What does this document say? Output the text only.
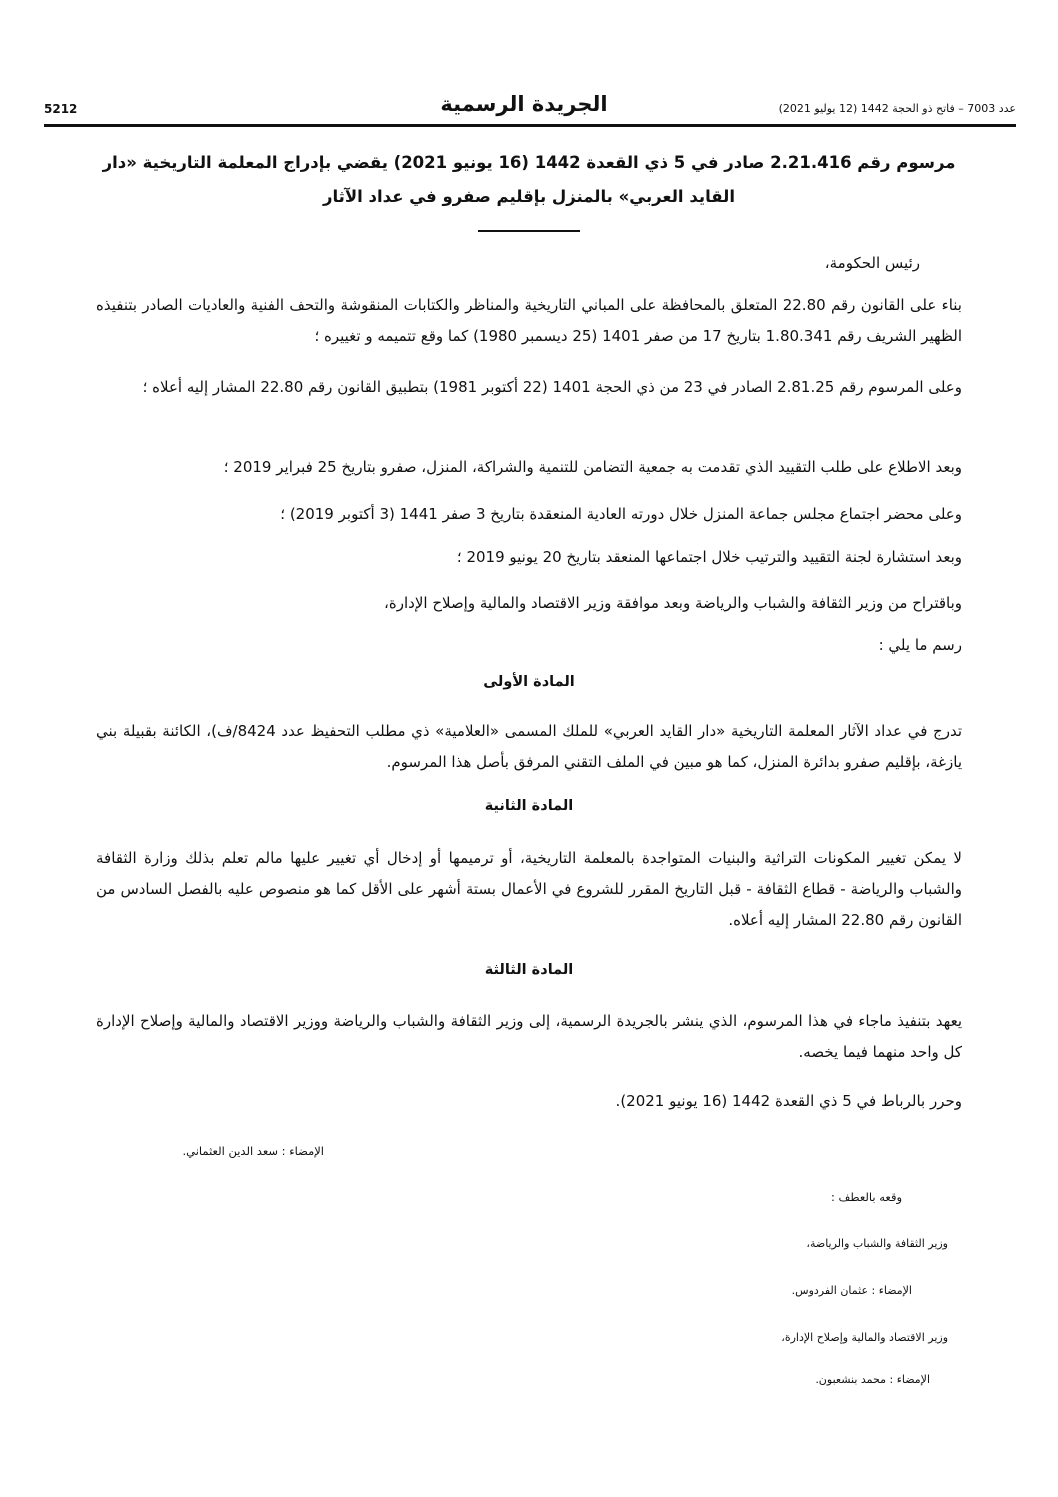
5212	الجريدة الرسمية	عدد 7003 – فاتح ذو الحجة 1442 (12 يوليو 2021)
مرسوم رقم 2.21.416 صادر في 5 ذي القعدة 1442 (16 يونيو 2021) يقضي بإدراج المعلمة التاريخية «دار القايد العربي» بالمنزل بإقليم صفرو في عداد الآثار
رئيس الحكومة،
بناء على القانون رقم 22.80 المتعلق بالمحافظة على المباني التاريخية والمناظر والكتابات المنقوشة والتحف الفنية والعاديات الصادر بتنفيذه الظهير الشريف رقم 1.80.341 بتاريخ 17 من صفر 1401 (25 ديسمبر 1980) كما وقع تتميمه و تغييره ؛
وعلى المرسوم رقم 2.81.25 الصادر في 23 من ذي الحجة 1401 (22 أكتوبر 1981) بتطبيق القانون رقم 22.80 المشار إليه أعلاه ؛
وبعد الاطلاع على طلب التقييد الذي تقدمت به جمعية التضامن للتنمية والشراكة، المنزل، صفرو بتاريخ 25 فبراير 2019 ؛
وعلى محضر اجتماع مجلس جماعة المنزل خلال دورته العادية المنعقدة بتاريخ 3 صفر 1441 (3 أكتوبر 2019) ؛
وبعد استشارة لجنة التقييد والترتيب خلال اجتماعها المنعقد بتاريخ 20 يونيو 2019 ؛
وباقتراح من وزير الثقافة والشباب والرياضة وبعد موافقة وزير الاقتصاد والمالية وإصلاح الإدارة،
رسم ما يلي :
المادة الأولى
تدرج في عداد الآثار المعلمة التاريخية «دار القايد العربي» للملك المسمى «العلامية» ذي مطلب التحفيظ عدد 8424/ف)، الكائنة بقبيلة بني يازغة، بإقليم صفرو بدائرة المنزل، كما هو مبين في الملف التقني المرفق بأصل هذا المرسوم.
المادة الثانية
لا يمكن تغيير المكونات التراثية والبنيات المتواجدة بالمعلمة التاريخية، أو ترميمها أو إدخال أي تغيير عليها مالم تعلم بذلك وزارة الثقافة والشباب والرياضة - قطاع الثقافة - قبل التاريخ المقرر للشروع في الأعمال بستة أشهر على الأقل كما هو منصوص عليه بالفصل السادس من القانون رقم 22.80 المشار إليه أعلاه.
المادة الثالثة
يعهد بتنفيذ ماجاء في هذا المرسوم، الذي ينشر بالجريدة الرسمية، إلى وزير الثقافة والشباب والرياضة ووزير الاقتصاد والمالية وإصلاح الإدارة كل واحد منهما فيما يخصه.
وحرر بالرباط في 5 ذي القعدة 1442 (16 يونيو 2021).
الإمضاء : سعد الدين العثماني.
وقعه بالعطف :
وزير الثقافة والشباب والرياضة،
الإمضاء : عثمان الفردوس.
وزير الاقتصاد والمالية وإصلاح الإدارة،
الإمضاء : محمد بنشعبون.
